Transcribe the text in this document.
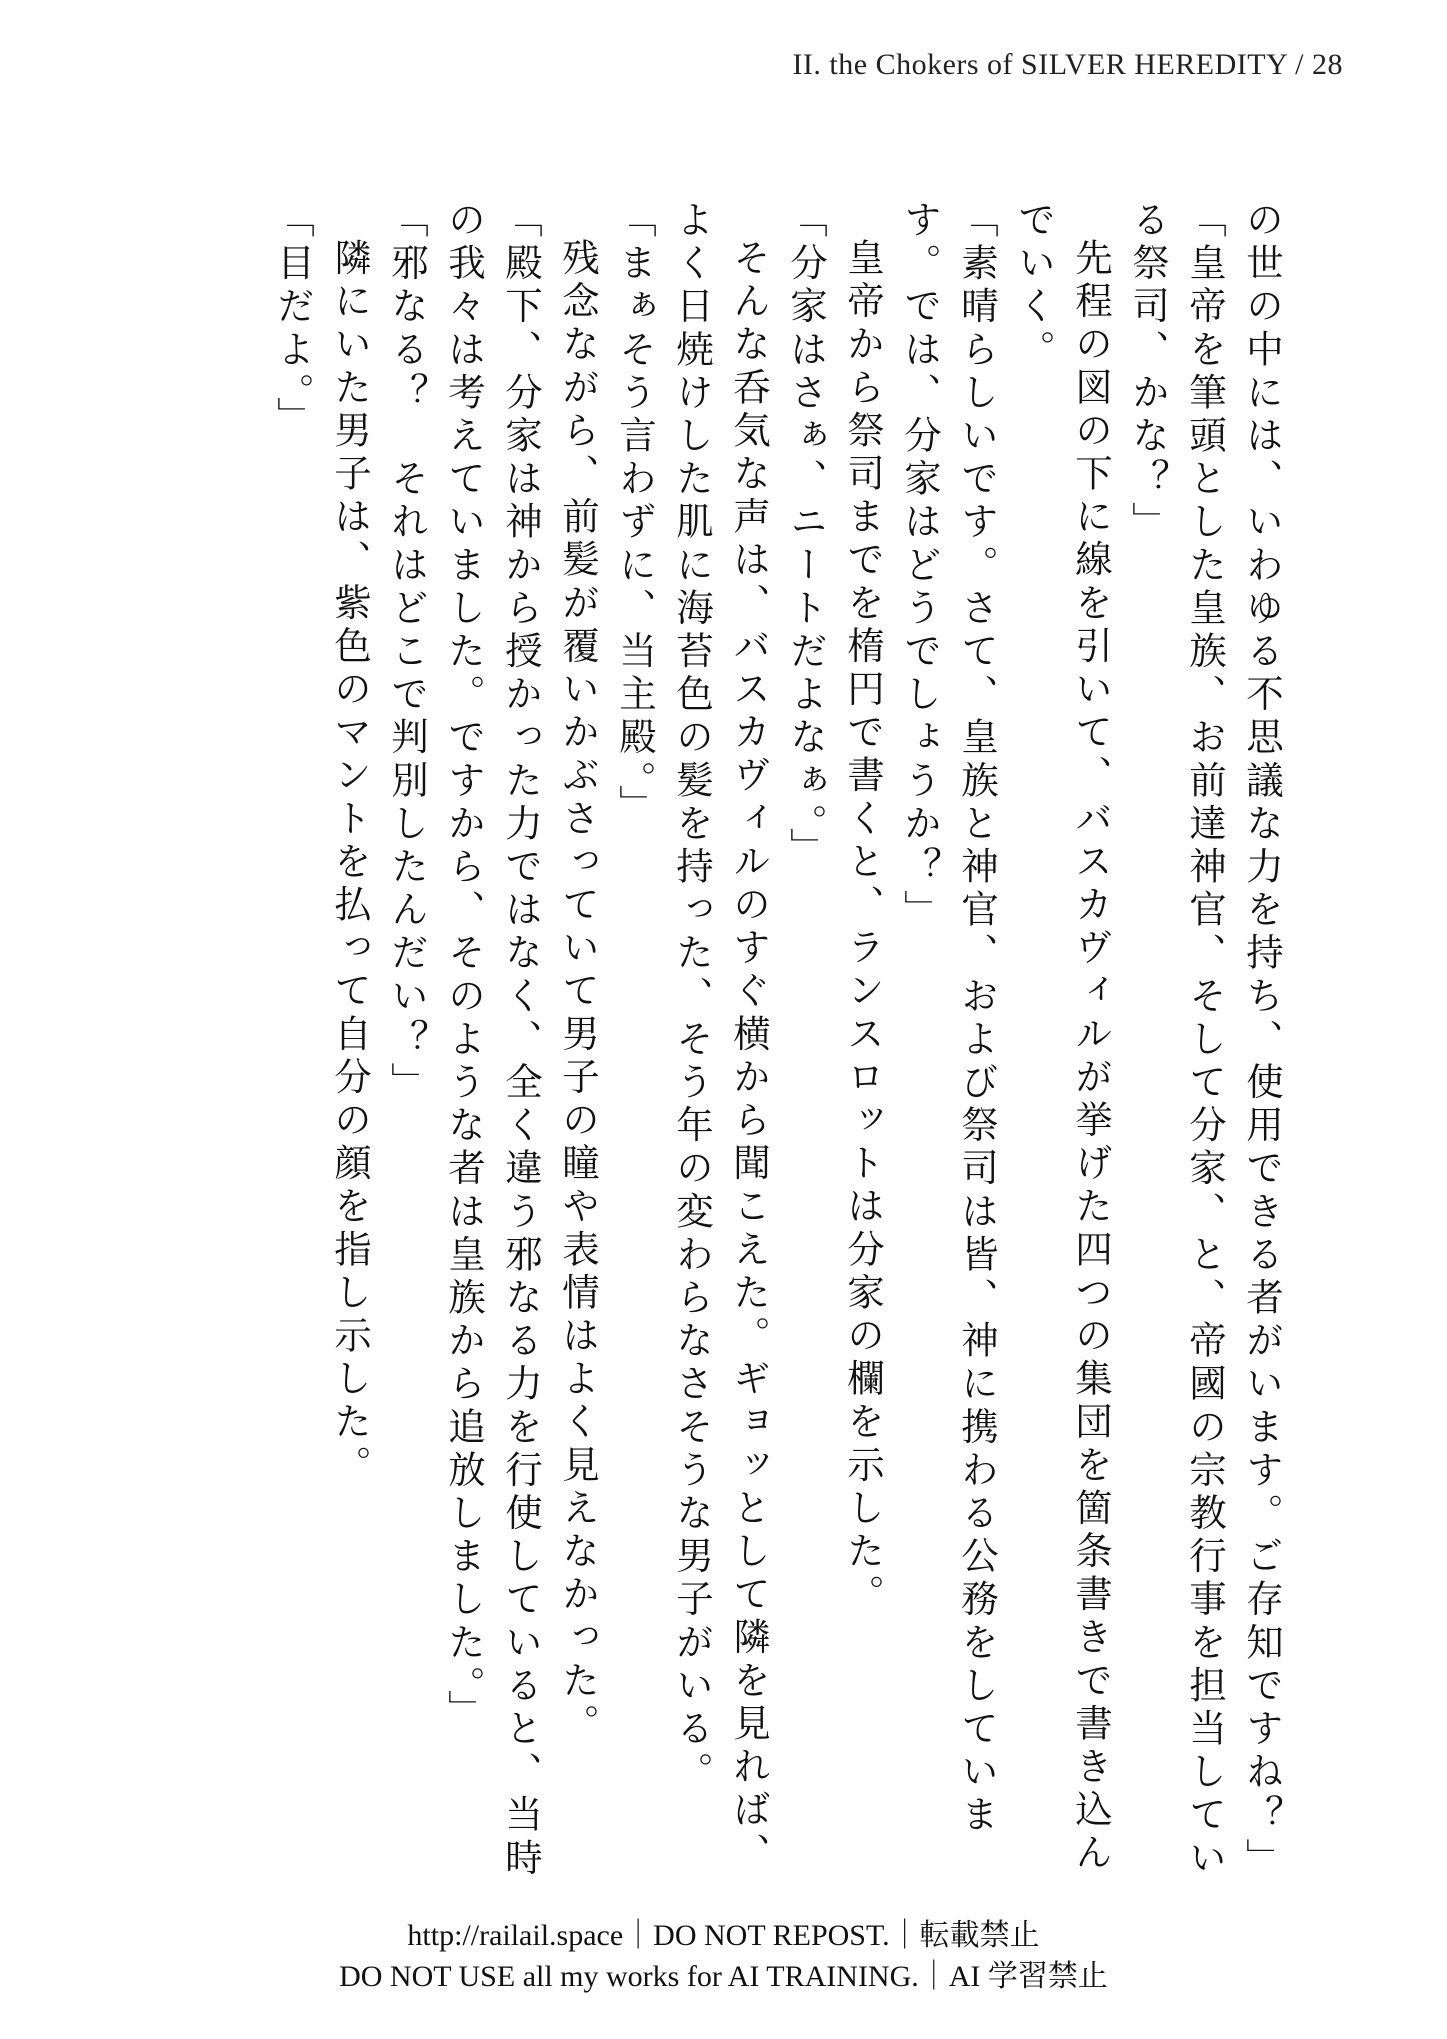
II. the Chokers of SILVER HEREDITY / 28

の世の中には、いわゆる不思議な力を持ち、使用できる者がいます。ご存知ですね？」

「皇帝を筆頭とした皇族、お前達神官、そして分家、と、帝國の宗教行事を担当している祭司、かな？」

先程の図の下に線を引いて、バスカヴィルが挙げた四つの集団を箇条書きで書き込んでいく。

「素晴らしいです。さて、皇族と神官、および祭司は皆、神に携わる公務をしています。では、分家はどうでしょうか？」

皇帝から祭司までを楕円で書くと、ランスロットは分家の欄を示した。

「分家はさぁ、ニートだよなぁ。」

そんな呑気な声は、バスカヴィルのすぐ横から聞こえた。ギョッとして隣を見れば、よく日焼けした肌に海苔色の髪を持った、そう年の変わらなさそうな男子がいる。

「まぁそう言わずに、当主殿。」

残念ながら、前髪が覆いかぶさっていて男子の瞳や表情はよく見えなかった。

「殿下、分家は神から授かった力ではなく、全く違う邪なる力を行使していると、当時の我々は考えていました。ですから、そのような者は皇族から追放しました。」

「邪なる？　それはどこで判別したんだい？」

隣にいた男子は、紫色のマントを払って自分の顔を指し示した。

「目だよ。」

http://railail.space｜DO NOT REPOST.｜転載禁止
DO NOT USE all my works for AI TRAINING.｜AI 学習禁止
